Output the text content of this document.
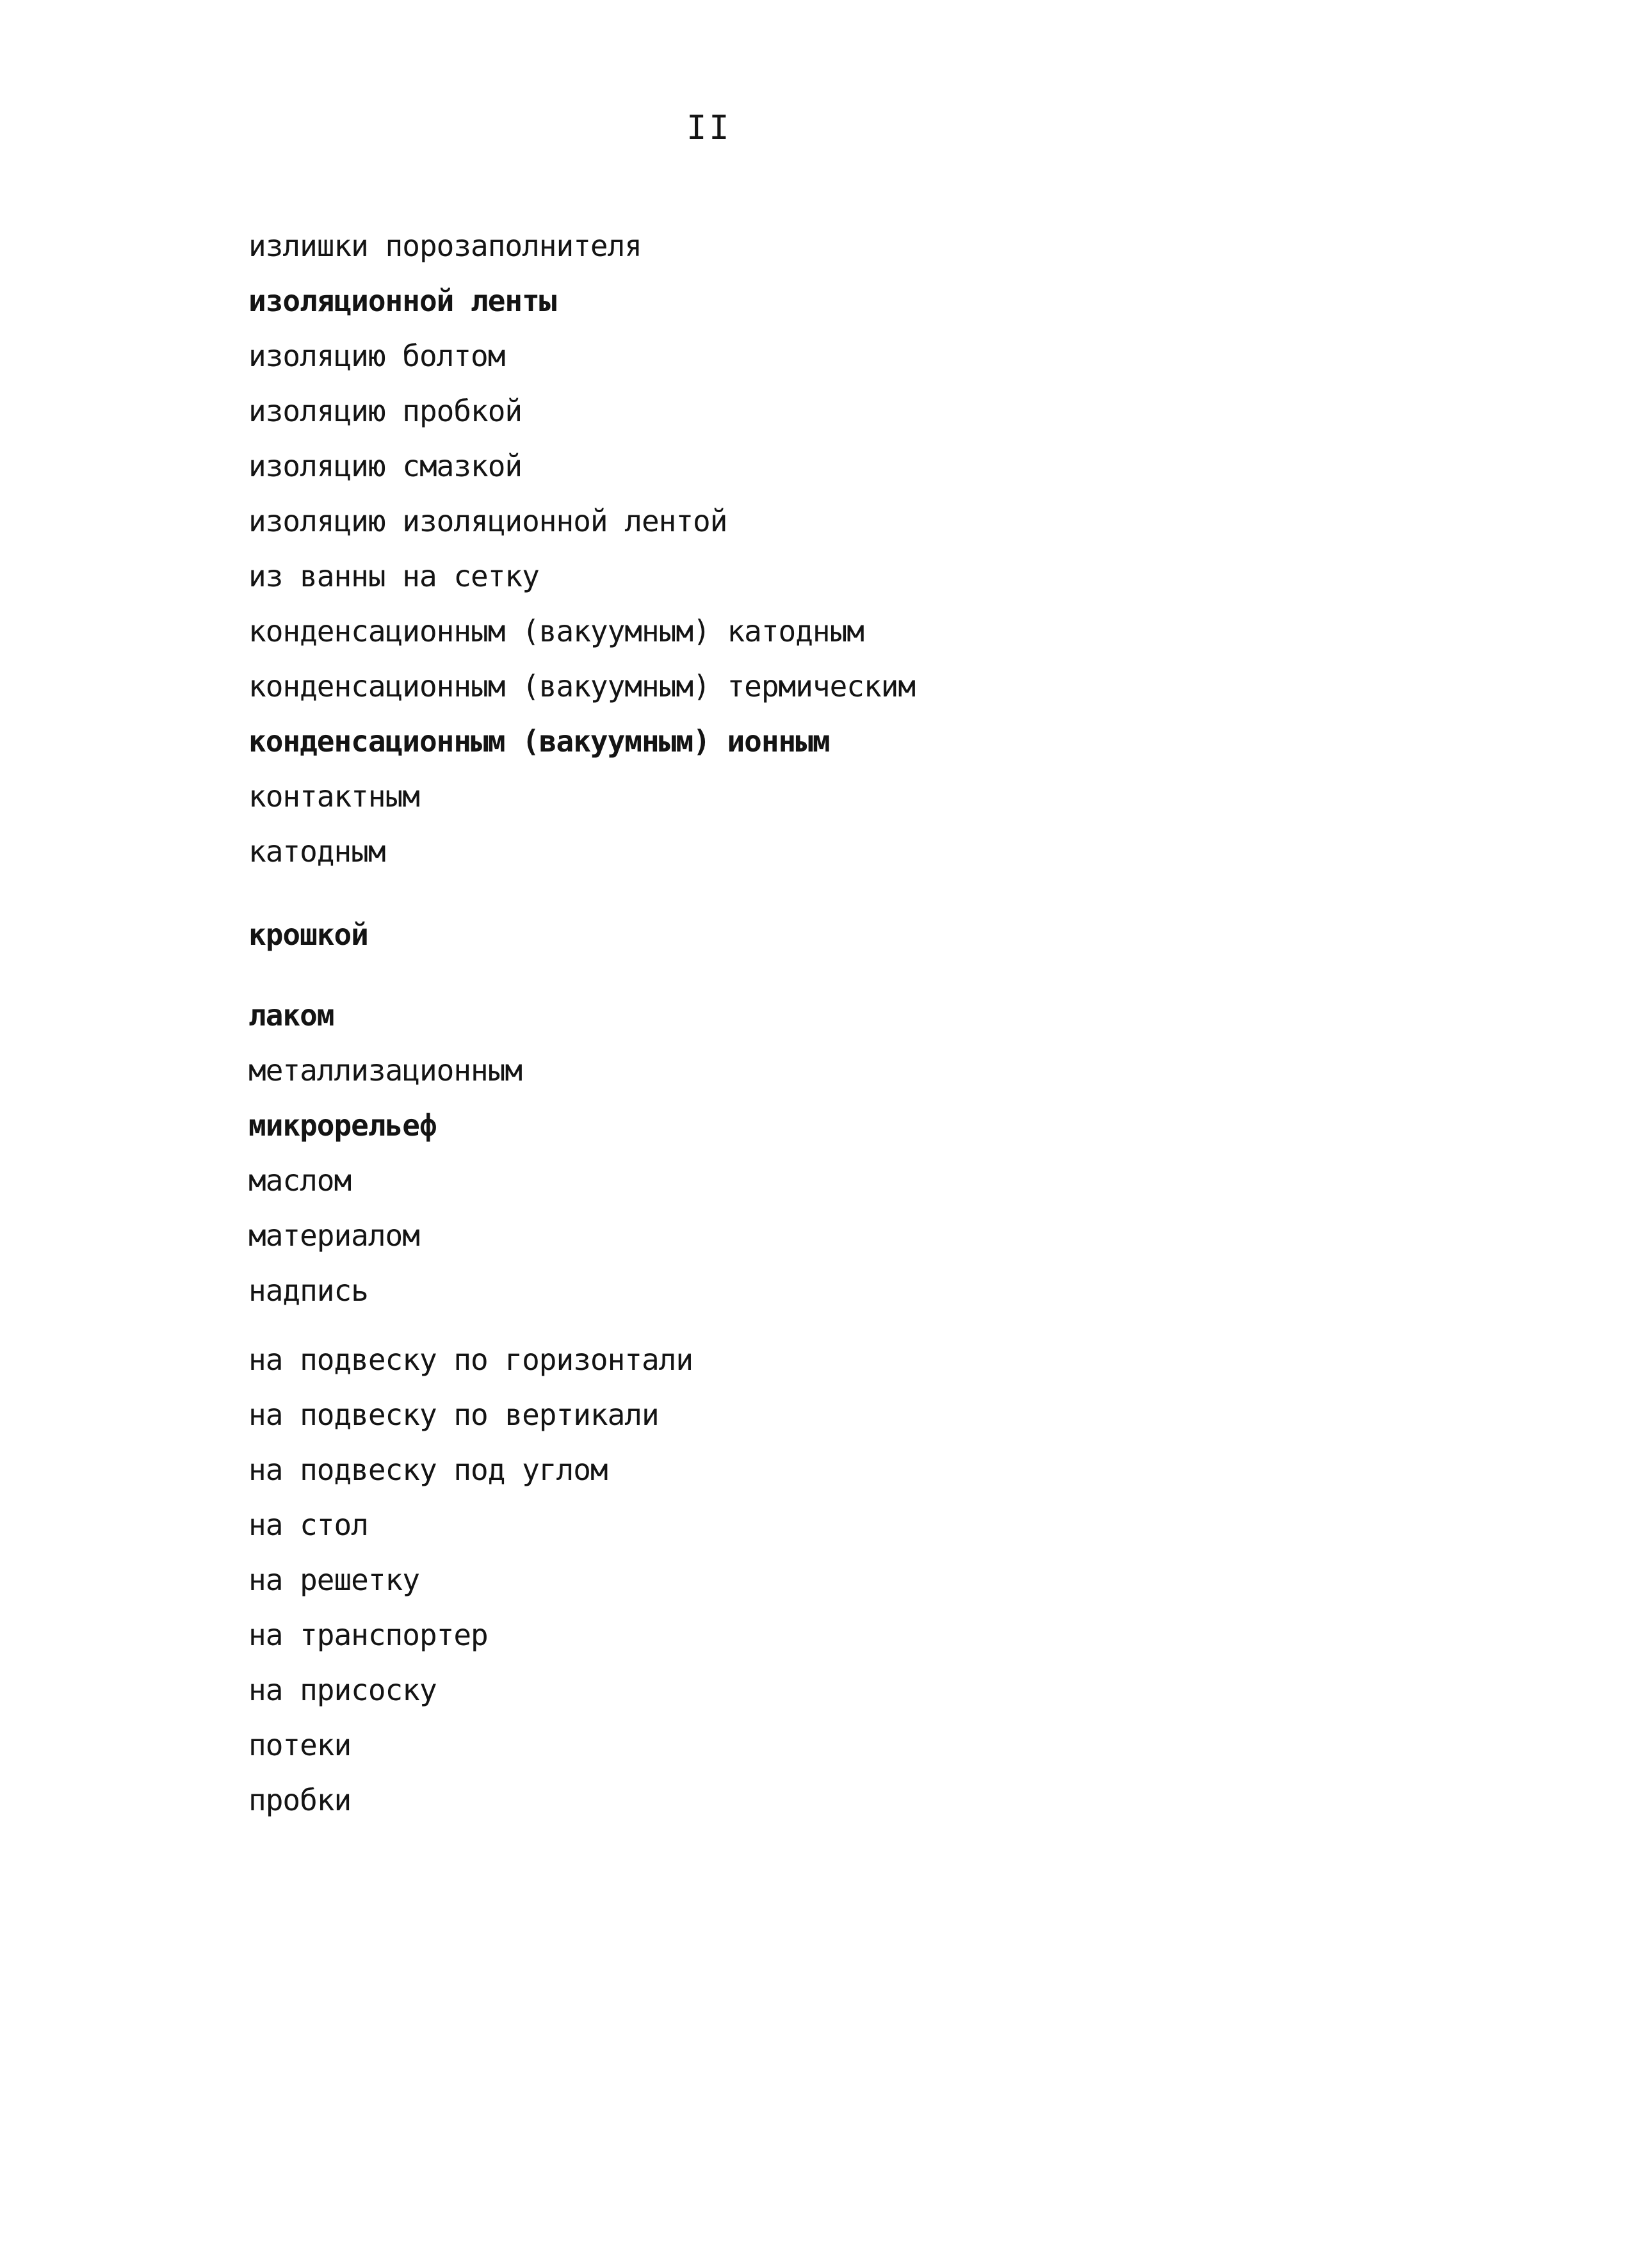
II
излишки порозаполнителя
изоляционной ленты
изоляцию болтом
изоляцию пробкой
изоляцию смазкой
изоляцию изоляционной лентой
из ванны на сетку
конденсационным (вакуумным) катодным
конденсационным (вакуумным) термическим
конденсационным (вакуумным) ионным
контактным
катодным
крошкой
лаком
металлизационным
микрорельеф
маслом
материалом
надпись
на подвеску по горизонтали
на подвеску по вертикали
на подвеску под углом
на стол
на решетку
на транспортер
на присоску
потеки
пробки
